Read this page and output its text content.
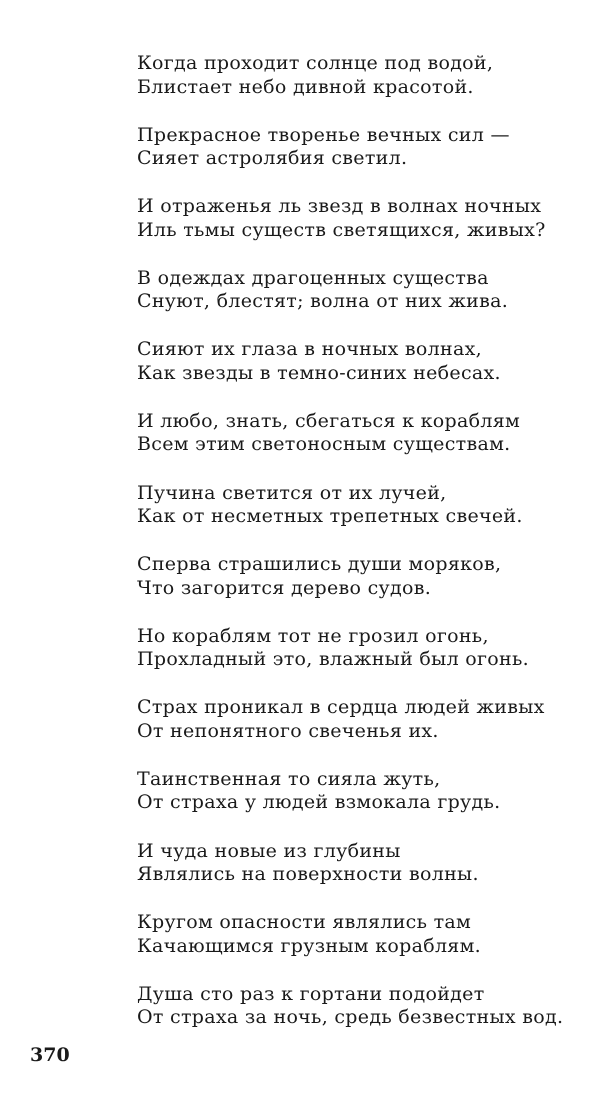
Когда проходит солнце под водой,
Блистает небо дивной красотой.
Прекрасное творенье вечных сил —
Сияет астролябия светил.
И отраженья ль звезд в волнах ночных
Иль тьмы существ светящихся, живых?
В одеждах драгоценных существа
Снуют, блестят; волна от них жива.
Сияют их глаза в ночных волнах,
Как звезды в темно-синих небесах.
И любо, знать, сбегаться к кораблям
Всем этим светоносным существам.
Пучина светится от их лучей,
Как от несметных трепетных свечей.
Сперва страшились души моряков,
Что загорится дерево судов.
Но кораблям тот не грозил огонь,
Прохладный это, влажный был огонь.
Страх проникал в сердца людей живых
От непонятного свеченья их.
Таинственная то сияла жуть,
От страха у людей взмокала грудь.
И чуда новые из глубины
Являлись на поверхности волны.
Кругом опасности являлись там
Качающимся грузным кораблям.
Душа сто раз к гортани подойдет
От страха за ночь, средь безвестных вод.
370
